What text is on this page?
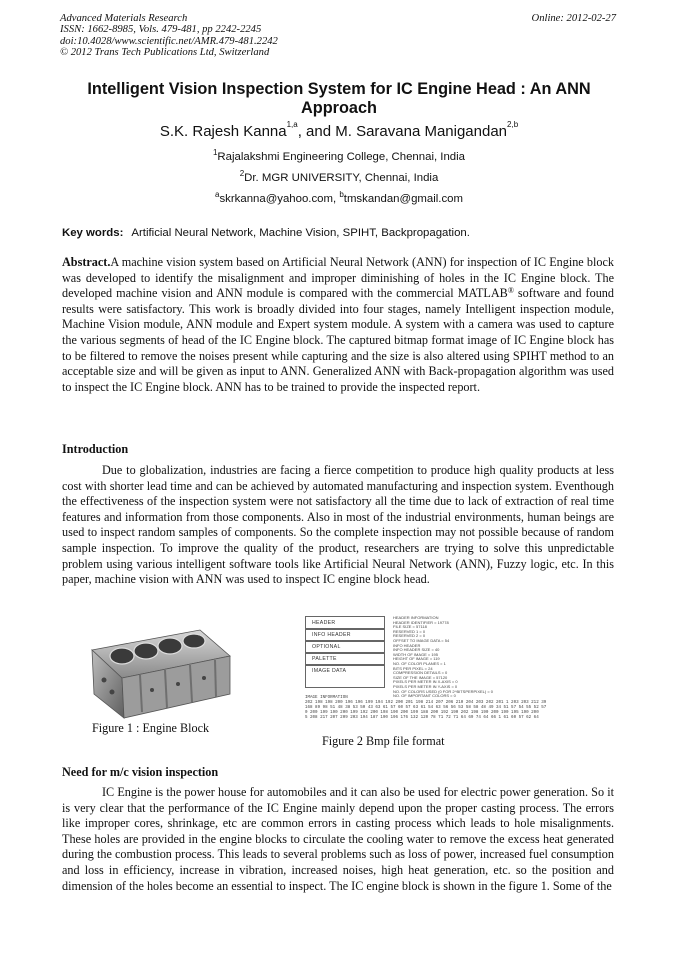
Advanced Materials Research
ISSN: 1662-8985, Vols. 479-481, pp 2242-2245
doi:10.4028/www.scientific.net/AMR.479-481.2242
© 2012 Trans Tech Publications Ltd, Switzerland
Online: 2012-02-27
Intelligent Vision Inspection System for IC Engine Head : An ANN
Approach
S.K. Rajesh Kanna$^{1,a}$, and M. Saravana Manigandan$^{2,b}$
$^1$Rajalakshmi Engineering College, Chennai, India
$^2$Dr. MGR UNIVERSITY, Chennai, India
$^a$skrkanna@yahoo.com, $^b$tmskandan@gmail.com
Key words: Artificial Neural Network, Machine Vision, SPIHT, Backpropagation.
Abstract.A machine vision system based on Artificial Neural Network (ANN) for inspection of IC Engine block was developed to identify the misalignment and improper diminishing of holes in the IC Engine block. The developed machine vision and ANN module is compared with the commercial MATLAB® software and found results were satisfactory. This work is broadly divided into four stages, namely Intelligent inspection module, Machine Vision module, ANN module and Expert system module. A system with a camera was used to capture the various segments of head of the IC Engine block. The captured bitmap format image of IC Engine block has to be filtered to remove the noises present while capturing and the size is also altered using SPIHT method to an acceptable size and will be given as input to ANN. Generalized ANN with Back-propagation algorithm was used to inspect the IC Engine block. ANN has to be trained to provide the inspected report.
Introduction
Due to globalization, industries are facing a fierce competition to produce high quality products at less cost with shorter lead time and can be achieved by automated manufacturing and inspection system. Eventhough the effectiveness of the inspection system were not satisfactory all the time due to lack of extraction of real time features and information from those components. Also in most of the industrial environments, human beings are used to inspect random samples of components. So the complete inspection may not possible because of random sample inspection. To improve the quality of the product, researchers are trying to solve this unpredictable problem using various intelligent software tools like Artificial Neural Network (ANN), Fuzzy logic, etc. In this paper, machine vision with ANN was used to inspect IC engine block head.
Figure 1 : Engine Block
HEADER
INFO HEADER
OPTIONAL
PALETTE
IMAGE DATA
HEADER INFORMATION
HEADER IDENTIFIER = 19778
FILE SIZE = 57118
RESERVED 1 = 0
RESERVED 2 = 0
OFFSET TO IMAGE DATA = 54
INFO HEADER
INFO HEADER SIZE = 40
WIDTH OF IMAGE = 195
HEIGHT OF IMAGE = 119
NO. OF COLOR PLANES = 1
BITS PER PIXEL = 24
COMPRESSION DETAILS = 0
SIZE OF THE IMAGE = 57120
PIXELS PER METER IN X-AXIS = 0
PIXELS PER METER IN Y-AXIS = 0
NO. OF COLORS USED (0 FOR 2^BITSPERPIXEL) = 0
NO. OF IMPORTANT COLORS = 0
IMAGE INFORMATION
202 198 198 200 196 196 199 194 192 200 201 198 214 207 206 210 204 203 202 201 1 203 203 212 39
168 89 98 51 48 38 53 50 43 63 61 57 60 57 63 61 54 63 56 56 53 58 58 48 49 34 51 57 54 55 52 57
0 200 199 190 200 199 192 200 198 190 200 199 188 200 192 190 202 198 190 200 190 195 190 200
5 208 217 207 209 203 194 187 190 196 176 132 120 78 71 72 71 64 69 74 64 66 1 61 60 57 62 64
Figure 2 Bmp file format
Need for m/c vision inspection
IC Engine is the power house for automobiles and it can also be used for electric power generation. So it is very clear that the performance of the IC Engine mainly depend upon the proper casting process. The errors like improper cores, shrinkage, etc are common errors in casting process which leads to hole misalignments. These holes are provided in the engine blocks to circulate the cooling water to remove the excess heat generated during the combustion process. This leads to several problems such as loss of power, increased fuel consumption and loss in efficiency, increase in vibration, increased noises, high heat generation, etc. so the position and dimension of the holes become an essential to inspect. The IC engine block is shown in the figure 1. Some of the
